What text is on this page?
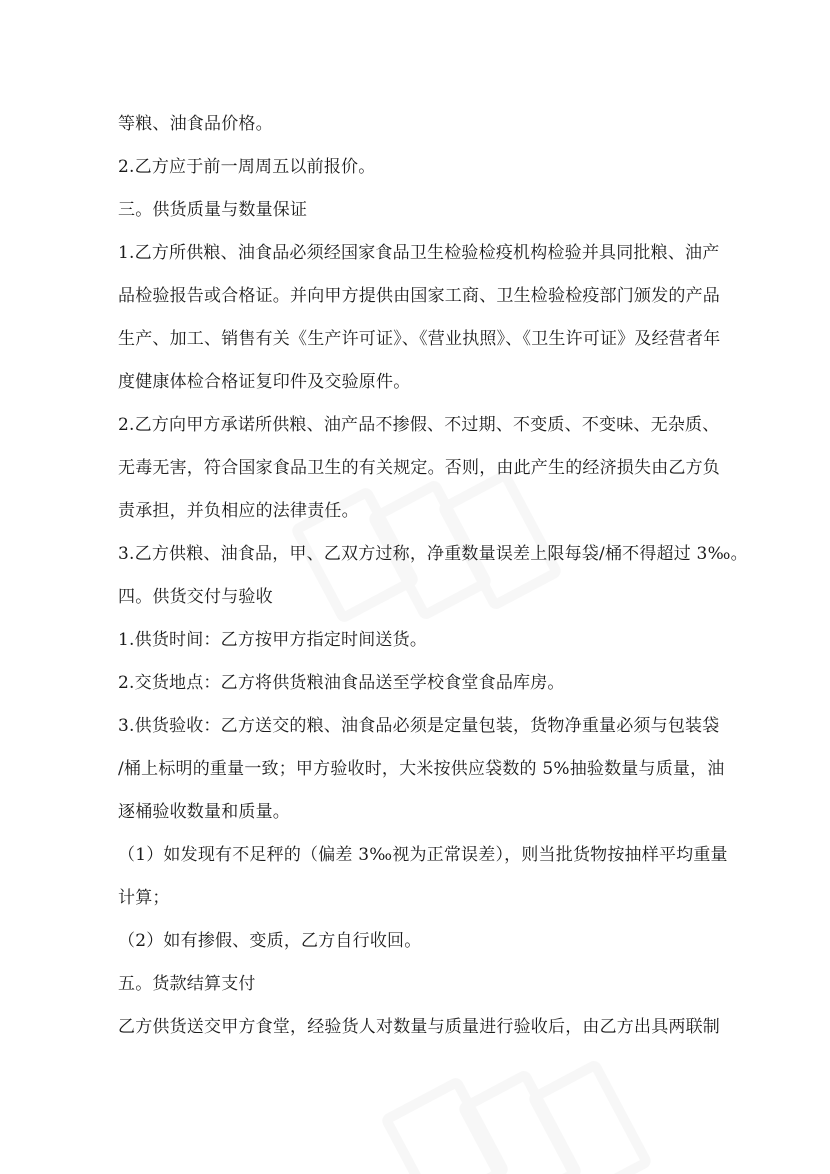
等粮、油食品价格。
2.乙方应于前一周周五以前报价。
三。供货质量与数量保证
1.乙方所供粮、油食品必须经国家食品卫生检验检疫机构检验并具同批粮、油产
品检验报告或合格证。并向甲方提供由国家工商、卫生检验检疫部门颁发的产品
生产、加工、销售有关《生产许可证》、《营业执照》、《卫生许可证》及经营者年
度健康体检合格证复印件及交验原件。
2.乙方向甲方承诺所供粮、油产品不掺假、不过期、不变质、不变味、无杂质、
无毒无害，符合国家食品卫生的有关规定。否则，由此产生的经济损失由乙方负
责承担，并负相应的法律责任。
3.乙方供粮、油食品，甲、乙双方过称，净重数量误差上限每袋/桶不得超过 3‰。
四。供货交付与验收
1.供货时间：乙方按甲方指定时间送货。
2.交货地点：乙方将供货粮油食品送至学校食堂食品库房。
3.供货验收：乙方送交的粮、油食品必须是定量包装，货物净重量必须与包装袋
/桶上标明的重量一致；甲方验收时，大米按供应袋数的 5%抽验数量与质量，油
逐桶验收数量和质量。
（1）如发现有不足秤的（偏差 3‰视为正常误差），则当批货物按抽样平均重量
计算；
（2）如有掺假、变质，乙方自行收回。
五。货款结算支付
乙方供货送交甲方食堂，经验货人对数量与质量进行验收后，由乙方出具两联制
